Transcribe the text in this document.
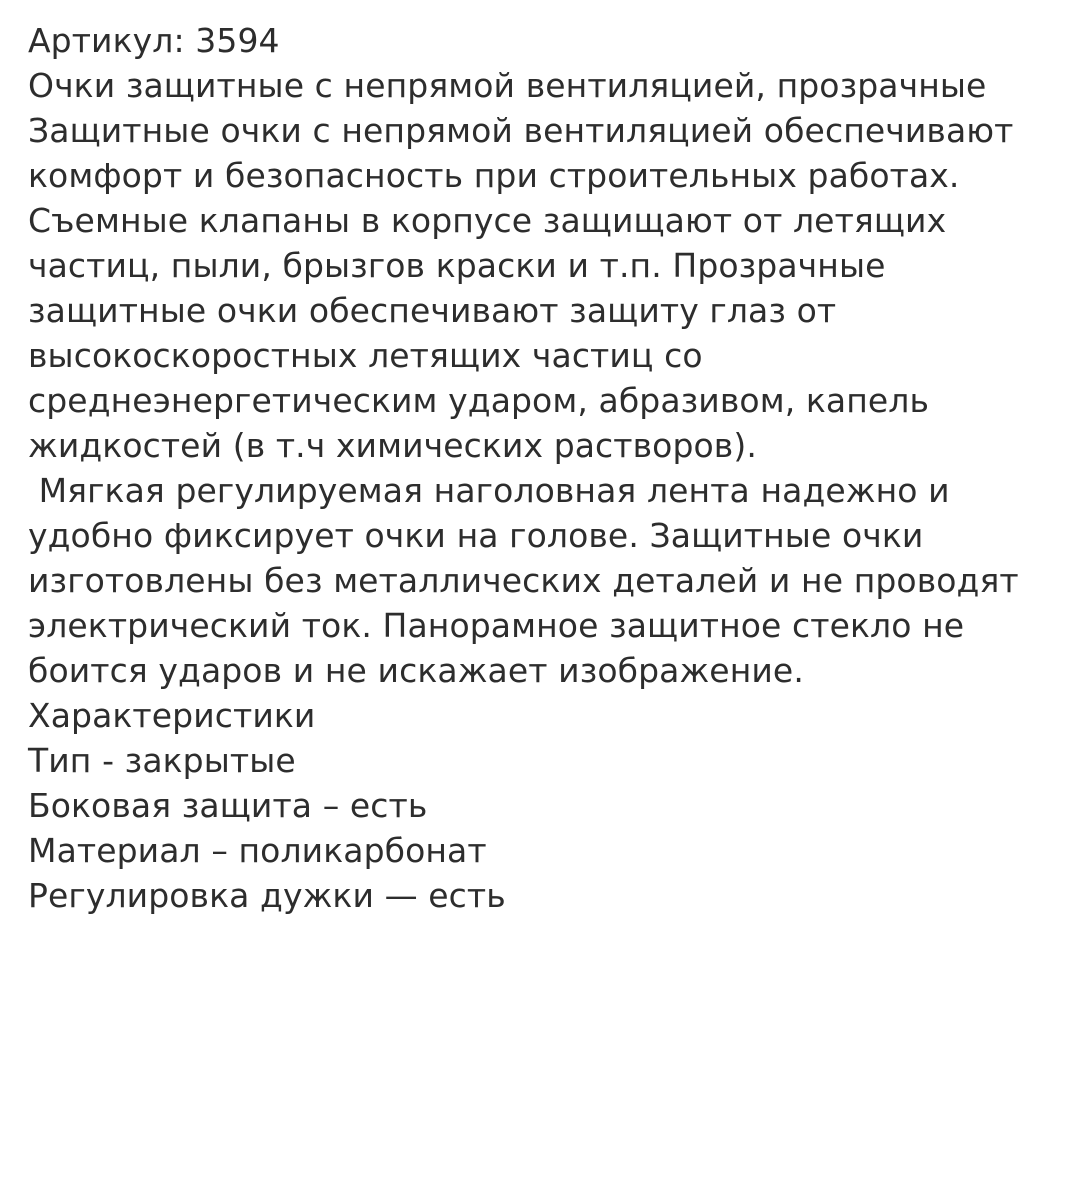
Артикул: 3594
Очки защитные с непрямой вентиляцией, прозрачные
Защитные очки с непрямой вентиляцией обеспечивают комфорт и безопасность при строительных работах. Съемные клапаны в корпусе защищают от летящих частиц, пыли, брызгов краски и т.п. Прозрачные защитные очки обеспечивают защиту глаз от высокоскоростных летящих частиц со среднеэнергетическим ударом, абразивом, капель жидкостей (в т.ч химических растворов).
Мягкая регулируемая наголовная лента надежно и удобно фиксирует очки на голове. Защитные очки изготовлены без металлических деталей и не проводят электрический ток. Панорамное защитное стекло не боится ударов и не искажает изображение.
Характеристики
Тип - закрытые
Боковая защита – есть
Материал – поликарбонат
Регулировка дужки — есть
